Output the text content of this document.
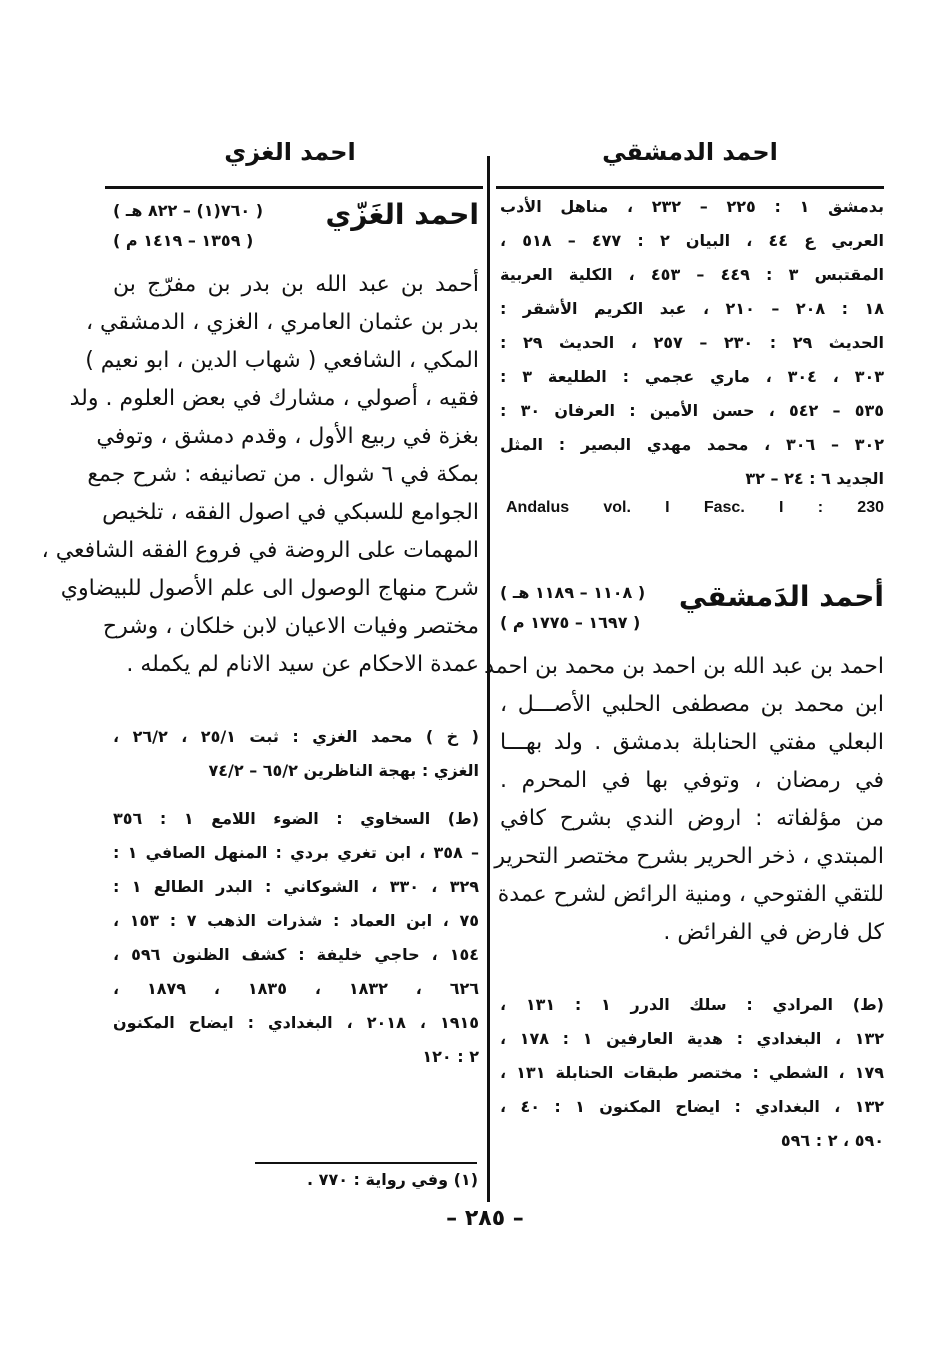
احمد الدمشقي
احمد الغزي
بدمشق ۱ : ۲۲٥ – ۲۳۲ ، مناهل الأدب
العربي ع ٤٤ ، البيان ۲ : ٤٧٧ – ٥١٨ ،
المقتبس ۳ : ٤٤٩ – ٤٥۳ ، الكلية العربية
١٨ : ٢٠٨ – ٢١٠ ، عبد الكريم الأشقر :
الحديث ٢٩ : ٢٣٠ – ٢٥٧ ، الحديث ٢٩ :
٣٠٣ ، ٣٠٤ ، ماري عجمي : الطليعة ٣ :
٥٣٥ – ٥٤٢ ، حسن الأمين : العرفان ٣٠ :
٣٠٢ – ٣٠٦ ، محمد مهدي البصير : المثل
الجديد ٦ : ٢٤ – ٣٢
Andalus vol. I Fasc. I : 230
أحمد الدَمشقي
( ۱۱۰۸ – ۱۱۸۹ هـ )
( ۱٦۹۷ – ۱۷۷٥ م )
احمد بن عبد الله بن احمد بن محمد بن احمد
ابن محمد بن مصطفى الحلبي الأصـــل ،
البعلي مفتي الحنابلة بدمشق . ولد بهـــا
في رمضان ، وتوفي بها في المحرم .
من مؤلفاته : اروض الندي بشرح كافي
المبتدي ، ذخر الحرير بشرح مختصر التحرير
للتقي الفتوحي ، ومنية الرائض لشرح عمدة
كل فارض في الفرائض .
(ط) المرادي : سلك الدرر ۱ : ۱۳۱ ،
۱۳۲ ، البغدادي : هدية العارفين ۱ : ۱۷۸ ،
۱۷۹ ، الشطي : مختصر طبقات الحنابلة ۱۳۱ ،
۱۳۲ ، البغدادي : ايضاح المكنون ۱ : ٤٠ ،
٥٩٠ ، ۲ : ٥٩٦
احمد الغَزّي
( ۷٦۰(۱) – ۸۲۲ هـ )
( ۱۳٥۹ – ۱٤۱۹ م )
أحمد بن عبد الله بن بدر بن مفرّج بن
بدر بن عثمان العامري ، الغزي ، الدمشقي ،
المكي ، الشافعي ( شهاب الدين ، ابو نعيم )
فقيه ، أصولي ، مشارك في بعض العلوم . ولد
بغزة في ربيع الأول ، وقدم دمشق ، وتوفي
بمكة في ٦ شوال . من تصانيفه : شرح جمع
الجوامع للسبكي في اصول الفقه ، تلخيص
المهمات على الروضة في فروع الفقه الشافعي ،
شرح منهاج الوصول الى علم الأصول للبيضاوي
مختصر وفيات الاعيان لابن خلكان ، وشرح
عمدة الاحكام عن سيد الانام لم يكمله .
( خ ) محمد الغزي : ثبت ٢٥/١ ، ٢٦/٢ ،
الغزي : بهجة الناظرين ٦٥/٢ – ٧٤/٢
(ط) السخاوي : الضوء اللامع ۱ : ۳٥٦
– ۳٥۸ ، ابن تغري بردي : المنهل الصافي ۱ :
۳۲۹ ، ۳۳۰ ، الشوكاني : البدر الطالع ۱ :
۷٥ ، ابن العماد : شذرات الذهب ۷ : ۱٥۳ ،
۱٥٤ ، حاجي خليفة : كشف الظنون ٥۹٦ ،
٦۲٦ ، ۱۸۳۲ ، ۱۸۳٥ ، ۱۸۷۹ ،
۱۹۱٥ ، ۲۰۱۸ ، البغدادي : ايضاح المكنون
۲ : ۱۲۰
(۱) وفي رواية : ۷۷۰ .
– ۲۸٥ –
